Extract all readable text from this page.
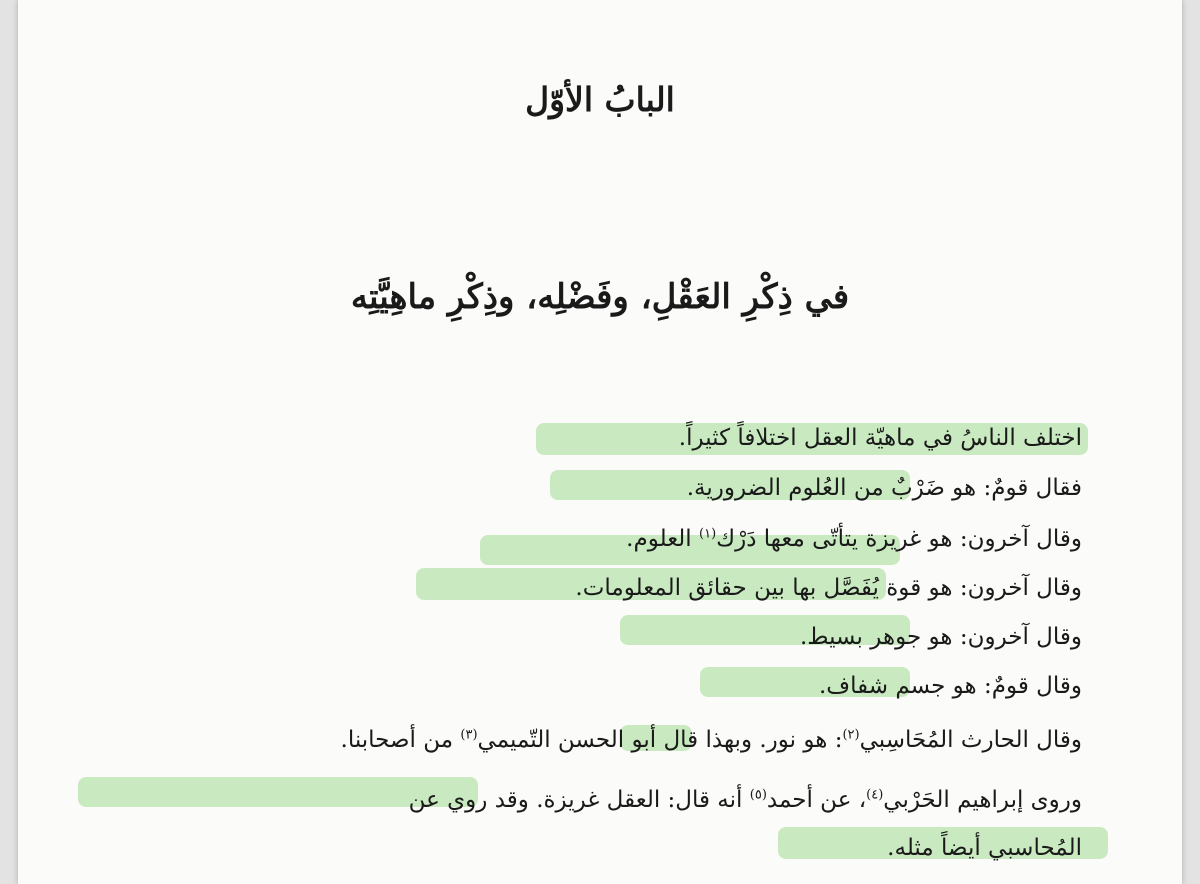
البابُ الأوّل
في ذِكْرِ العَقْلِ، وفَضْلِه، وذِكْرِ ماهِيَّتِه
اختلف الناسُ في ماهيّة العقل اختلافاً كثيراً.
فقال قومٌ: هو ضَرْبٌ من العُلوم الضرورية.
وقال آخرون: هو غريزة يتأتّى معها دَرْك$^{(١)}$ العلوم.
وقال آخرون: هو قوة يُفَصَّل بها بين حقائق المعلومات.
وقال آخرون: هو جوهر بسيط.
وقال قومٌ: هو جسم شفاف.
وقال الحارث المُحَاسِبي$^{(٢)}$: هو نور. وبهذا قال أبو الحسن التّميمي$^{(٣)}$ من أصحابنا.
وروى إبراهيم الحَرْبي$^{(٤)}$، عن أحمد$^{(٥)}$ أنه قال: العقل غريزة. وقد روي عن
المُحاسبي أيضاً مثله.
